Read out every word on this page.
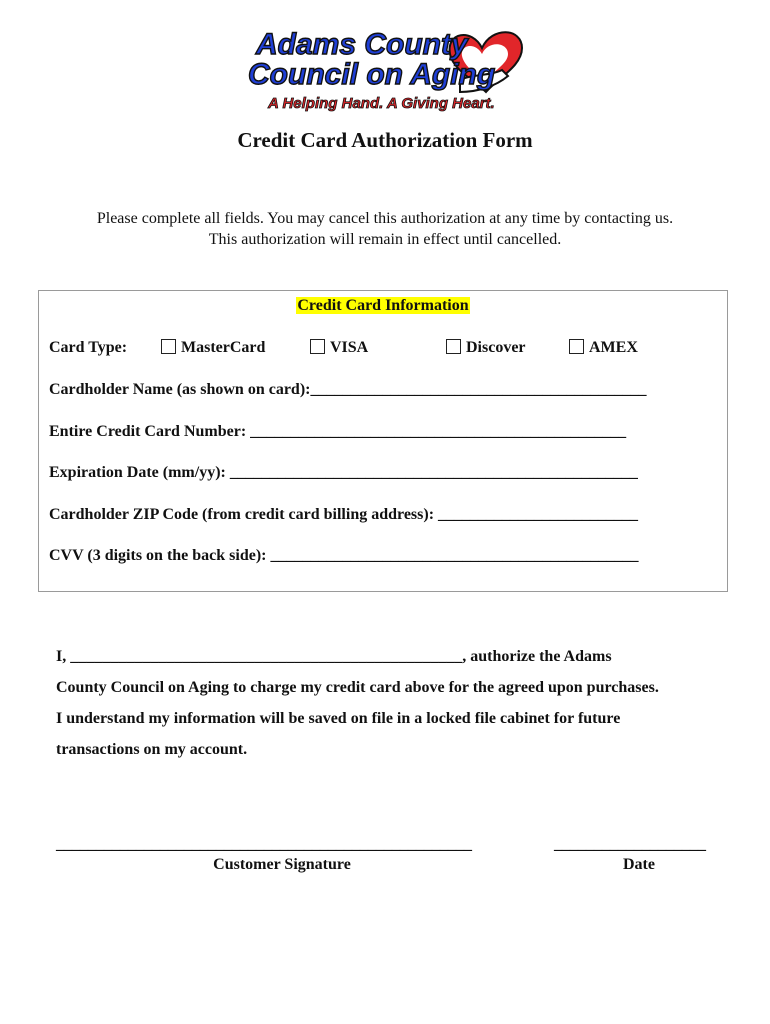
Adams County
Council on Aging
A Helping Hand. A Giving Heart.
Credit Card Authorization Form
Please complete all fields. You may cancel this authorization at any time by contacting us.
This authorization will remain in effect until cancelled.
Credit Card Information
Card Type:	MasterCard	VISA	Discover	AMEX
Cardholder Name (as shown on card):__________________________________________
Entire Credit Card Number: _______________________________________________
Expiration Date (mm/yy): ___________________________________________________
Cardholder ZIP Code (from credit card billing address): _________________________
CVV (3 digits on the back side): ______________________________________________
I, _________________________________________________, authorize the Adams
County Council on Aging to charge my credit card above for the agreed upon purchases.
I understand my information will be saved on file in a locked file cabinet for future
transactions on my account.
____________________________________________________
Customer Signature
___________________
Date
